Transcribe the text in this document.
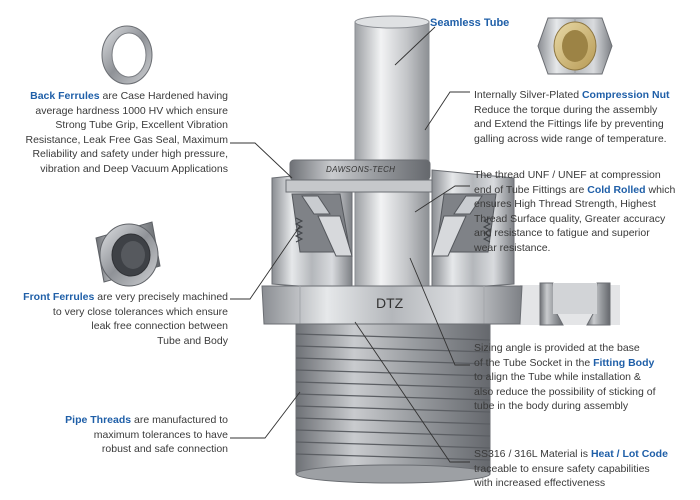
DAWSONS-TECH
DTZ
Seamless Tube
Back Ferrules are Case Hardened having
average hardness 1000 HV which ensure
Strong Tube Grip, Excellent Vibration
Resistance, Leak Free Gas Seal, Maximum
Reliability and safety under high pressure,
vibration and Deep Vacuum Applications
Front Ferrules are very precisely machined
to very close tolerances which ensure
leak free connection between
Tube and Body
Pipe Threads are manufactured to
maximum tolerances to have
robust and safe connection
Internally Silver-Plated Compression Nut
Reduce the torque during the assembly
and Extend the Fittings life by preventing
galling across wide range of temperature.
The thread UNF / UNEF at compression
end of Tube Fittings are Cold Rolled which
ensures High Thread Strength, Highest
Thread Surface quality, Greater accuracy
and resistance to fatigue and superior
wear resistance.
Sizing angle is provided at the base
of the Tube Socket in the Fitting Body
to align the Tube while installation &
also reduce the possibility of sticking of
tube in the body during assembly
SS316 / 316L Material is Heat / Lot Code
traceable to ensure safety capabilities
with increased effectiveness
